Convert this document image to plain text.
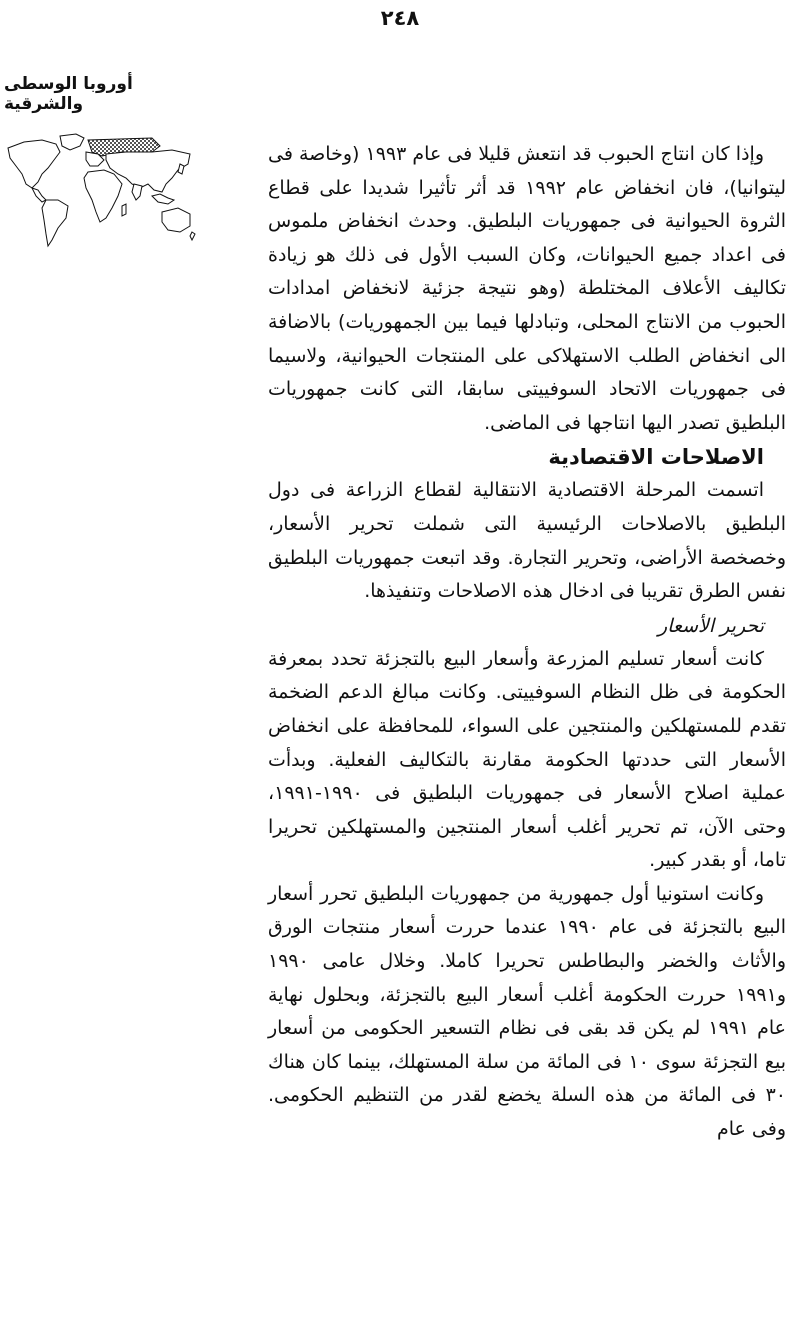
٢٤٨
أوروبا الوسطى والشرقية

وإذا كان انتاج الحبوب قد انتعش قليلا فى عام ١٩٩٣ (وخاصة فى ليتوانيا)، فان انخفاض عام ١٩٩٢ قد أثر تأثيرا شديدا على قطاع الثروة الحيوانية فى جمهوريات البلطيق. وحدث انخفاض ملموس فى اعداد جميع الحيوانات، وكان السبب الأول فى ذلك هو زيادة تكاليف الأعلاف المختلطة (وهو نتيجة جزئية لانخفاض امدادات الحبوب من الانتاج المحلى، وتبادلها فيما بين الجمهوريات) بالاضافة الى انخفاض الطلب الاستهلاكى على المنتجات الحيوانية، ولاسيما فى جمهوريات الاتحاد السوفييتى سابقا، التى كانت جمهوريات البلطيق تصدر اليها انتاجها فى الماضى.

الاصلاحات الاقتصادية

اتسمت المرحلة الاقتصادية الانتقالية لقطاع الزراعة فى دول البلطيق بالاصلاحات الرئيسية التى شملت تحرير الأسعار، وخصخصة الأراضى، وتحرير التجارة. وقد اتبعت جمهوريات البلطيق نفس الطرق تقريبا فى ادخال هذه الاصلاحات وتنفيذها.

تحرير الأسعار

كانت أسعار تسليم المزرعة وأسعار البيع بالتجزئة تحدد بمعرفة الحكومة فى ظل النظام السوفييتى. وكانت مبالغ الدعم الضخمة تقدم للمستهلكين والمنتجين على السواء، للمحافظة على انخفاض الأسعار التى حددتها الحكومة مقارنة بالتكاليف الفعلية. وبدأت عملية اصلاح الأسعار فى جمهوريات البلطيق فى ١٩٩٠-١٩٩١، وحتى الآن، تم تحرير أغلب أسعار المنتجين والمستهلكين تحريرا تاما، أو بقدر كبير.

وكانت استونيا أول جمهورية من جمهوريات البلطيق تحرر أسعار البيع بالتجزئة فى عام ١٩٩٠ عندما حررت أسعار منتجات الورق والأثاث والخضر والبطاطس تحريرا كاملا. وخلال عامى ١٩٩٠ و١٩٩١ حررت الحكومة أغلب أسعار البيع بالتجزئة، وبحلول نهاية عام ١٩٩١ لم يكن قد بقى فى نظام التسعير الحكومى من أسعار بيع التجزئة سوى ١٠ فى المائة من سلة المستهلك، بينما كان هناك ٣٠ فى المائة من هذه السلة يخضع لقدر من التنظيم الحكومى. وفى عام
